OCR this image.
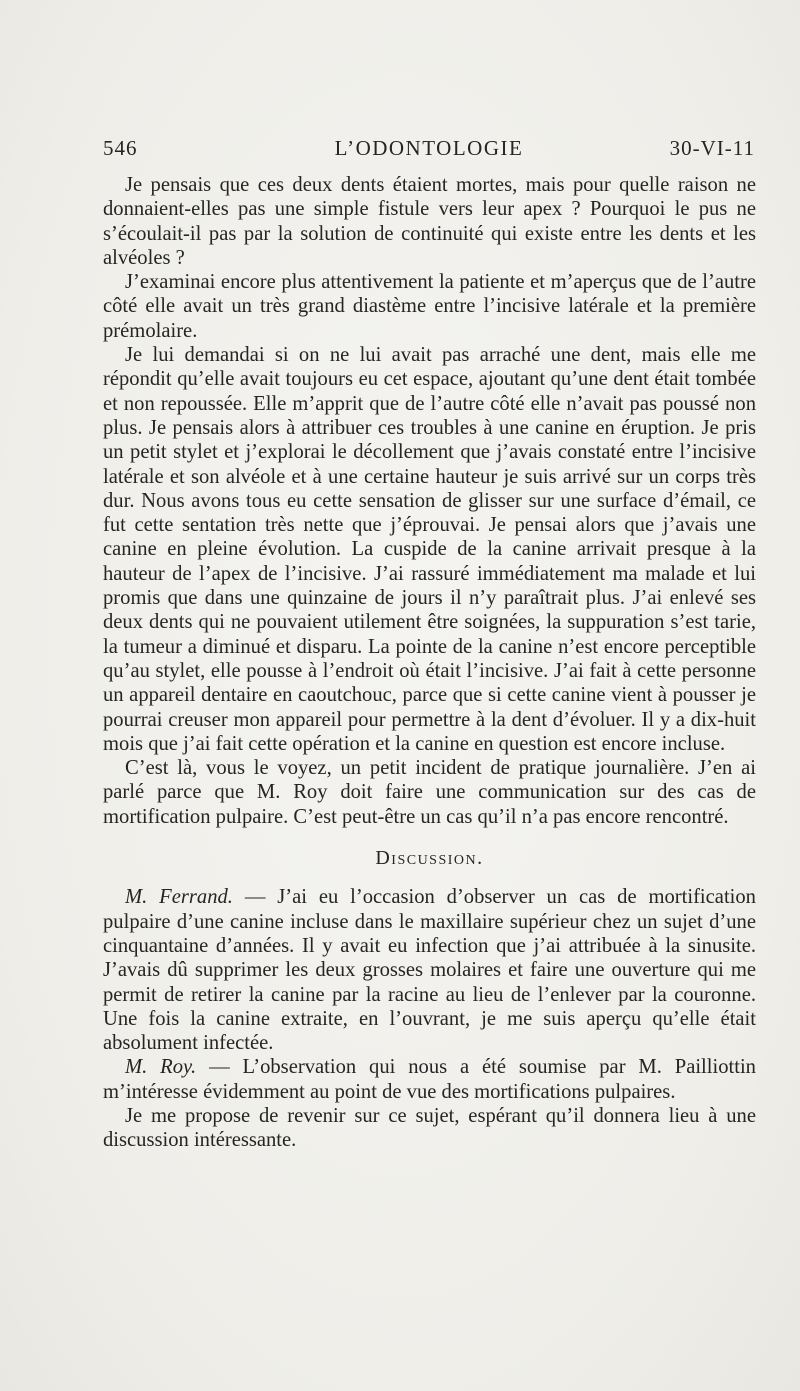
546	L’ODONTOLOGIE	30-VI-11

Je pensais que ces deux dents étaient mortes, mais pour quelle raison ne donnaient-elles pas une simple fistule vers leur apex ? Pourquoi le pus ne s’écoulait-il pas par la solution de continuité qui existe entre les dents et les alvéoles ?

J’examinai encore plus attentivement la patiente et m’aperçus que de l’autre côté elle avait un très grand diastème entre l’incisive latérale et la première prémolaire.

Je lui demandai si on ne lui avait pas arraché une dent, mais elle me répondit qu’elle avait toujours eu cet espace, ajoutant qu’une dent était tombée et non repoussée. Elle m’apprit que de l’autre côté elle n’avait pas poussé non plus. Je pensais alors à attribuer ces troubles à une canine en éruption. Je pris un petit stylet et j’explorai le décollement que j’avais constaté entre l’incisive latérale et son alvéole et à une certaine hauteur je suis arrivé sur un corps très dur. Nous avons tous eu cette sensation de glisser sur une surface d’émail, ce fut cette sentation très nette que j’éprouvai. Je pensai alors que j’avais une canine en pleine évolution. La cuspide de la canine arrivait presque à la hauteur de l’apex de l’incisive. J’ai rassuré immédiatement ma malade et lui promis que dans une quinzaine de jours il n’y paraîtrait plus. J’ai enlevé ses deux dents qui ne pouvaient utilement être soignées, la suppuration s’est tarie, la tumeur a diminué et disparu. La pointe de la canine n’est encore perceptible qu’au stylet, elle pousse à l’endroit où était l’incisive. J’ai fait à cette personne un appareil dentaire en caoutchouc, parce que si cette canine vient à pousser je pourrai creuser mon appareil pour permettre à la dent d’évoluer. Il y a dix-huit mois que j’ai fait cette opération et la canine en question est encore incluse.

C’est là, vous le voyez, un petit incident de pratique journalière. J’en ai parlé parce que M. Roy doit faire une communication sur des cas de mortification pulpaire. C’est peut-être un cas qu’il n’a pas encore rencontré.

Discussion.

M. Ferrand. — J’ai eu l’occasion d’observer un cas de mortification pulpaire d’une canine incluse dans le maxillaire supérieur chez un sujet d’une cinquantaine d’années. Il y avait eu infection que j’ai attribuée à la sinusite. J’avais dû supprimer les deux grosses molaires et faire une ouverture qui me permit de retirer la canine par la racine au lieu de l’enlever par la couronne. Une fois la canine extraite, en l’ouvrant, je me suis aperçu qu’elle était absolument infectée.

M. Roy. — L’observation qui nous a été soumise par M. Pailliottin m’intéresse évidemment au point de vue des mortifications pulpaires.

Je me propose de revenir sur ce sujet, espérant qu’il donnera lieu à une discussion intéressante.
